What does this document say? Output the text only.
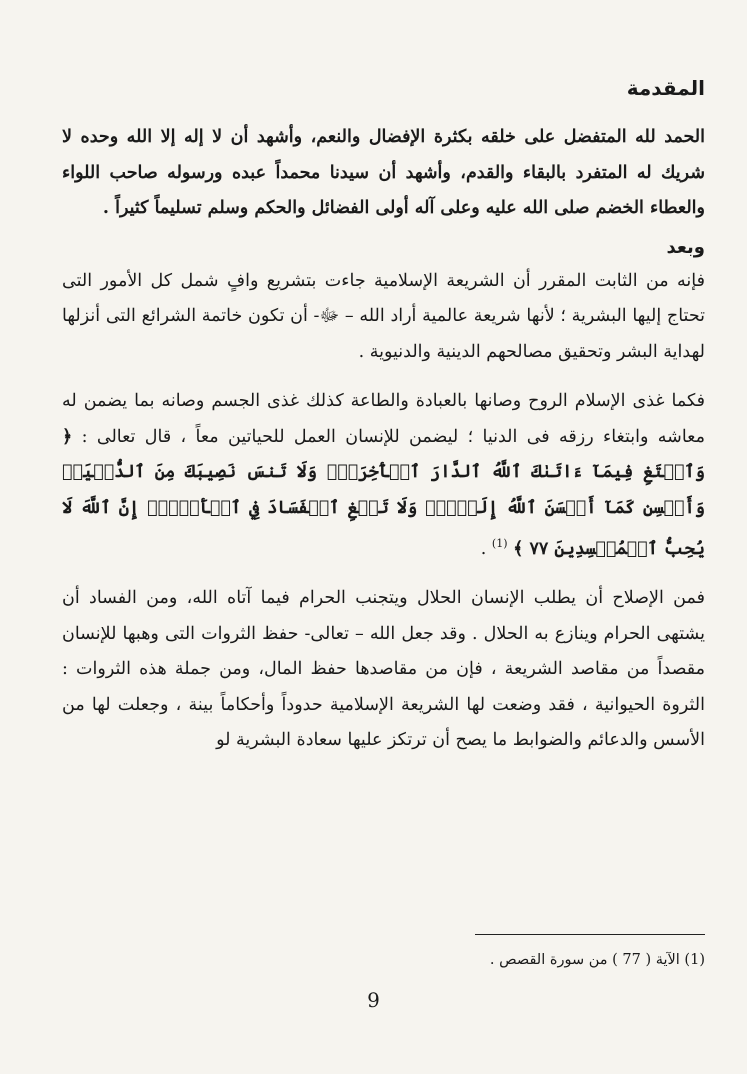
المقدمة

الحمد لله المتفضل على خلقه بكثرة الإفضال والنعم، وأشهد أن لا إله إلا الله وحده لا شريك له المتفرد بالبقاء والقدم، وأشهد أن سيدنا محمداً عبده ورسوله صاحب اللواء والعطاء الخضم صلى الله عليه وعلى آله أولى الفضائل والحكم وسلم تسليماً كثيراً .

وبعد

فإنه من الثابت المقرر أن الشريعة الإسلامية جاءت بتشريع وافٍ شمل كل الأمور التى تحتاج إليها البشرية ؛ لأنها شريعة عالمية أراد الله – ﷻ- أن تكون خاتمة الشرائع التى أنزلها لهداية البشر وتحقيق مصالحهم الدينية والدنيوية .

فكما غذى الإسلام الروح وصانها بالعبادة والطاعة كذلك غذى الجسم وصانه بما يضمن له معاشه وابتغاء رزقه فى الدنيا ؛ ليضمن للإنسان العمل للحياتين معاً ، قال تعالى : ﴿ وَٱبۡتَغِ فِيمَآ ءَاتَىٰكَ ٱللَّهُ ٱلدَّارَ ٱلۡأٓخِرَةَۖ وَلَا تَنسَ نَصِيبَكَ مِنَ ٱلدُّنۡيَاۖ وَأَحۡسِن كَمَآ أَحۡسَنَ ٱللَّهُ إِلَيۡكَۖ وَلَا تَبۡغِ ٱلۡفَسَادَ فِي ٱلۡأَرۡضِۖ إِنَّ ٱللَّهَ لَا يُحِبُّ ٱلۡمُفۡسِدِينَ ٧٧ ﴾ $^{(1)}$ .

فمن الإصلاح أن يطلب الإنسان الحلال ويتجنب الحرام فيما آتاه الله، ومن الفساد أن يشتهى الحرام وينازع به الحلال . وقد جعل الله – تعالى- حفظ الثروات التى وهبها للإنسان مقصداً من مقاصد الشريعة ، فإن من مقاصدها حفظ المال، ومن جملة هذه الثروات : الثروة الحيوانية ، فقد وضعت لها الشريعة الإسلامية حدوداً وأحكاماً بينة ، وجعلت لها من الأسس والدعائم والضوابط ما يصح أن ترتكز عليها سعادة البشرية لو

(1) الآية ( 77 ) من سورة القصص .
9
